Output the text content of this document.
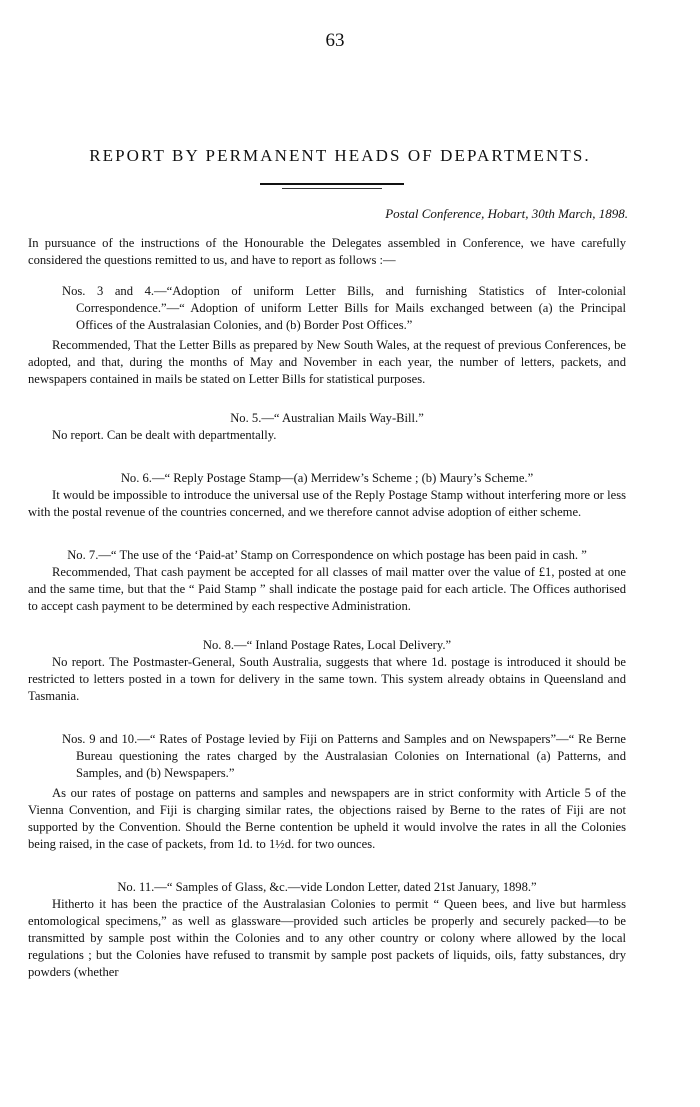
63
REPORT BY PERMANENT HEADS OF DEPARTMENTS.
Postal Conference, Hobart, 30th March, 1898.

In pursuance of the instructions of the Honourable the Delegates assembled in Conference, we have carefully considered the questions remitted to us, and have to report as follows :—

Nos. 3 and 4.—“Adoption of uniform Letter Bills, and furnishing Statistics of Inter-colonial Correspondence.”—“ Adoption of uniform Letter Bills for Mails exchanged between (a) the Principal Offices of the Australasian Colonies, and (b) Border Post Offices.”

Recommended, That the Letter Bills as prepared by New South Wales, at the request of previous Conferences, be adopted, and that, during the months of May and November in each year, the number of letters, packets, and newspapers contained in mails be stated on Letter Bills for statistical purposes.

No. 5.—“ Australian Mails Way-Bill.”

No report. Can be dealt with departmentally.

No. 6.—“ Reply Postage Stamp—(a) Merridew’s Scheme ; (b) Maury’s Scheme.”

It would be impossible to introduce the universal use of the Reply Postage Stamp without interfering more or less with the postal revenue of the countries concerned, and we therefore cannot advise adoption of either scheme.

No. 7.—“ The use of the ‘Paid-at’ Stamp on Correspondence on which postage has been paid in cash. ”

Recommended, That cash payment be accepted for all classes of mail matter over the value of £1, posted at one and the same time, but that the “ Paid Stamp ” shall indicate the postage paid for each article. The Offices authorised to accept cash payment to be determined by each respective Administration.

No. 8.—“ Inland Postage Rates, Local Delivery.”

No report. The Postmaster-General, South Australia, suggests that where 1d. postage is introduced it should be restricted to letters posted in a town for delivery in the same town. This system already obtains in Queensland and Tasmania.

Nos. 9 and 10.—“ Rates of Postage levied by Fiji on Patterns and Samples and on Newspapers”—“ Re Berne Bureau questioning the rates charged by the Australasian Colonies on International (a) Patterns, and Samples, and (b) Newspapers.”

As our rates of postage on patterns and samples and newspapers are in strict conformity with Article 5 of the Vienna Convention, and Fiji is charging similar rates, the objections raised by Berne to the rates of Fiji are not supported by the Convention. Should the Berne contention be upheld it would involve the rates in all the Colonies being raised, in the case of packets, from 1d. to 1½d. for two ounces.

No. 11.—“ Samples of Glass, &c.—vide London Letter, dated 21st January, 1898.”

Hitherto it has been the practice of the Australasian Colonies to permit “ Queen bees, and live but harmless entomological specimens,” as well as glassware—provided such articles be properly and securely packed—to be transmitted by sample post within the Colonies and to any other country or colony where allowed by the local regulations ; but the Colonies have refused to transmit by sample post packets of liquids, oils, fatty substances, dry powders (whether
